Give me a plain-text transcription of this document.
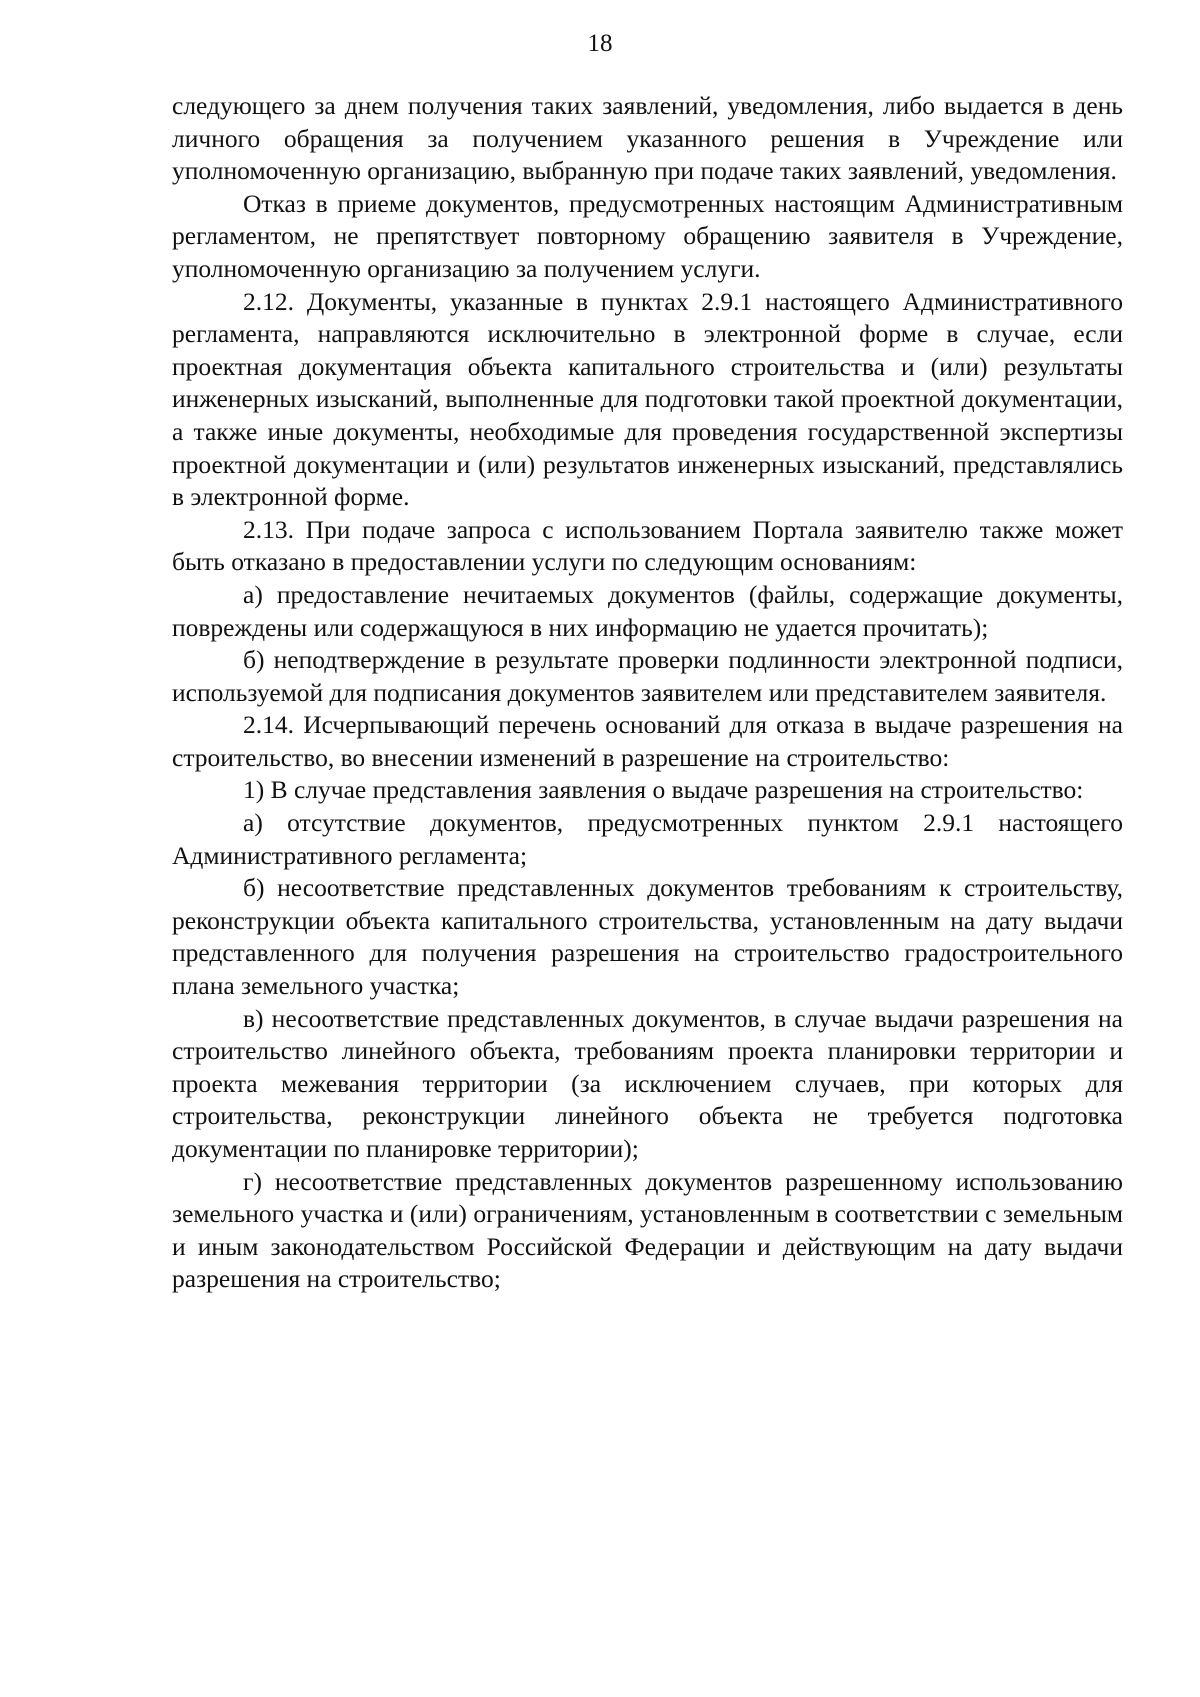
18

следующего за днем получения таких заявлений, уведомления, либо выдается в день личного обращения за получением указанного решения в Учреждение или уполномоченную организацию, выбранную при подаче таких заявлений, уведомления.

Отказ в приеме документов, предусмотренных настоящим Административным регламентом, не препятствует повторному обращению заявителя в Учреждение, уполномоченную организацию за получением услуги.

2.12. Документы, указанные в пунктах 2.9.1 настоящего Административного регламента, направляются исключительно в электронной форме в случае, если проектная документация объекта капитального строительства и (или) результаты инженерных изысканий, выполненные для подготовки такой проектной документации, а также иные документы, необходимые для проведения государственной экспертизы проектной документации и (или) результатов инженерных изысканий, представлялись в электронной форме.

2.13. При подаче запроса с использованием Портала заявителю также может быть отказано в предоставлении услуги по следующим основаниям:

а) предоставление нечитаемых документов (файлы, содержащие документы, повреждены или содержащуюся в них информацию не удается прочитать);

б) неподтверждение в результате проверки подлинности электронной подписи, используемой для подписания документов заявителем или представителем заявителя.

2.14. Исчерпывающий перечень оснований для отказа в выдаче разрешения на строительство, во внесении изменений в разрешение на строительство:

1) В случае представления заявления о выдаче разрешения на строительство:

а) отсутствие документов, предусмотренных пунктом 2.9.1 настоящего Административного регламента;

б) несоответствие представленных документов требованиям к строительству, реконструкции объекта капитального строительства, установленным на дату выдачи представленного для получения разрешения на строительство градостроительного плана земельного участка;

в) несоответствие представленных документов, в случае выдачи разрешения на строительство линейного объекта, требованиям проекта планировки территории и проекта межевания территории (за исключением случаев, при которых для строительства, реконструкции линейного объекта не требуется подготовка документации по планировке территории);

г) несоответствие представленных документов разрешенному использованию земельного участка и (или) ограничениям, установленным в соответствии с земельным и иным законодательством Российской Федерации и действующим на дату выдачи разрешения на строительство;
